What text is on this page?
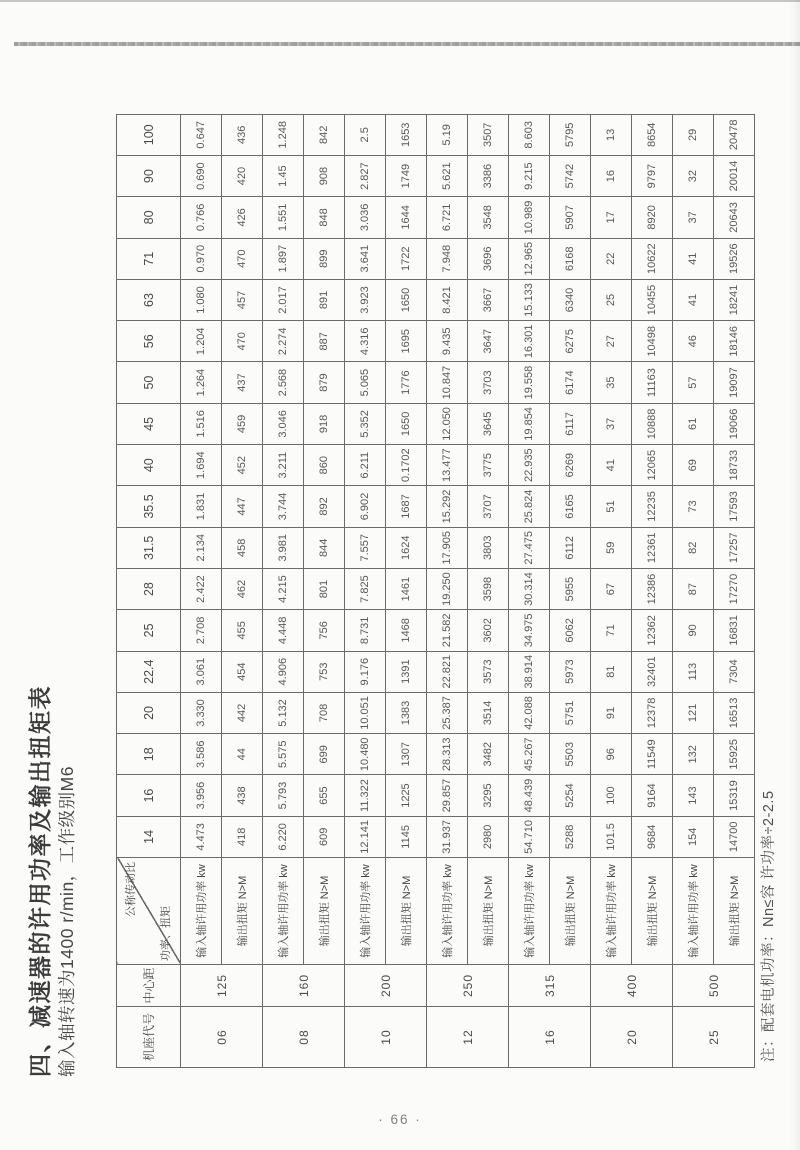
四、减速器的许用功率及输出扭矩表 输入轴转速为1400 r/min，工作级别M6	机座代号	中心距	公称传动比
功率、扭矩	14	16	18	20	22.4	25	28	31.5	35.5	40	45	50	56	63	71	80	90	100
06	125	输入轴许用功率 kw	4.473	3.956	3.586	3.330	3.061	2.708	2.422	2.134	1.831	1.694	1.516	1.264	1.204	1.080	0.970	0.766	0.690	0.647
		输出扭矩 N>M	418	438	44	442	454	455	462	458	447	452	459	437	470	457	470	426	420	436
08	160	输入轴许用功率 kw	6.220	5.793	5.575	5.132	4.906	4.448	4.215	3.981	3.744	3.211	3.046	2.568	2.274	2.017	1.897	1.551	1.45	1.248
		输出扭矩 N>M	609	655	699	708	753	756	801	844	892	860	918	879	887	891	899	848	908	842
10	200	输入轴许用功率 kw	12.141	11.322	10.480	10.051	9.176	8.731	7.825	7.557	6.902	6.211	5.352	5.065	4.316	3.923	3.641	3.036	2.827	2.5
		输出扭矩 N>M	1145	1225	1307	1383	1391	1468	1461	1624	1687	0.1702	1650	1776	1695	1650	1722	1644	1749	1653
12	250	输入轴许用功率 kw	31.937	29.857	28.313	25.387	22.821	21.582	19.250	17.905	15.292	13.477	12.050	10.847	9.435	8.421	7.948	6.721	5.621	5.19
		输出扭矩 N>M	2980	3295	3482	3514	3573	3602	3598	3803	3707	3775	3645	3703	3647	3667	3696	3548	3386	3507
16	315	输入轴许用功率 kw	54.710	48.439	45.267	42.088	38.914	34.975	30.314	27.475	25.824	22.935	19.854	19.558	16.301	15.133	12.965	10.989	9.215	8.603
		输出扭矩 N>M	5288	5254	5503	5751	5973	6062	5955	6112	6165	6269	6117	6174	6275	6340	6168	5907	5742	5795
20	400	输入轴许用功率 kw	101.5	100	96	91	81	71	67	59	51	41	37	35	27	25	22	17	16	13
		输出扭矩 N>M	9684	9164	11549	12378	32401	12362	12386	12361	12235	12065	10888	11163	10498	10455	10622	8920	9797	8654
25	500	输入轴许用功率 kw	154	143	132	121	113	90	87	82	73	69	61	57	46	41	41	37	32	29
		输出扭矩 N>M	14700	15319	15925	16513	7304	16831	17270	17257	17593	18733	19066	19097	18146	18241	19526	20643	20014	20478
注：配套电机功率：Nn≤容 许功率÷2-2.5
· 66 ·
